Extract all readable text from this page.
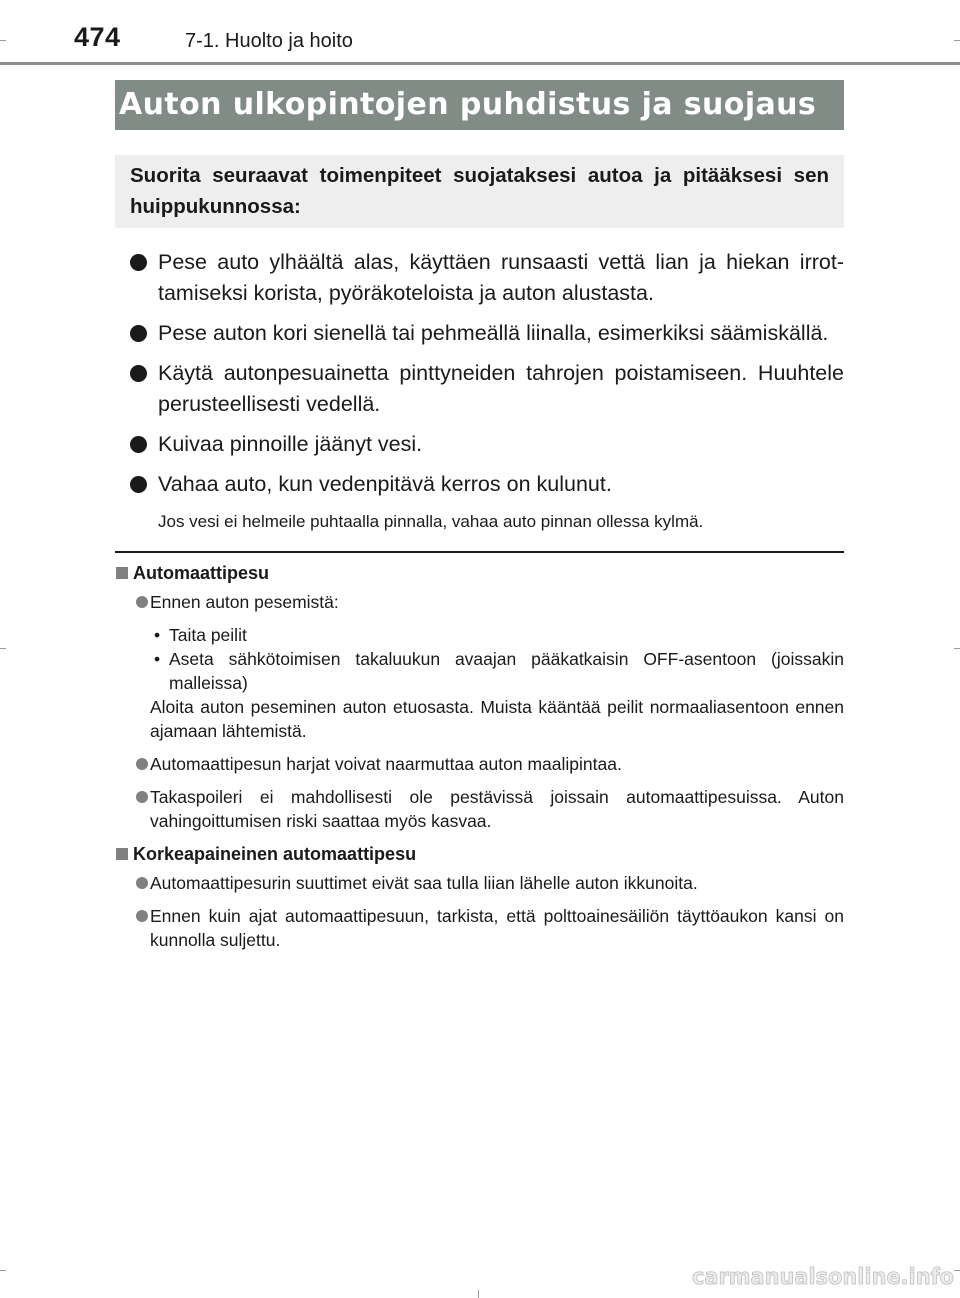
474	7-1. Huolto ja hoito
Auton ulkopintojen puhdistus ja suojaus
Suorita seuraavat toimenpiteet suojataksesi autoa ja pitääksesi sen huippukunnossa:
Pese auto ylhäältä alas, käyttäen runsaasti vettä lian ja hiekan irrottamiseksi korista, pyöräkoteloista ja auton alustasta.
Pese auton kori sienellä tai pehmeällä liinalla, esimerkiksi säämiskällä.
Käytä autonpesuainetta pinttyneiden tahrojen poistamiseen. Huuhtele perusteellisesti vedellä.
Kuivaa pinnoille jäänyt vesi.
Vahaa auto, kun vedenpitävä kerros on kulunut.
Jos vesi ei helmeile puhtaalla pinnalla, vahaa auto pinnan ollessa kylmä.
Automaattipesu
Ennen auton pesemistä:
• Taita peilit
• Aseta sähkötoimisen takaluukun avaajan pääkatkaisin OFF-asentoon (joissakin malleissa)
Aloita auton peseminen auton etuosasta. Muista kääntää peilit normaaliasentoon ennen ajamaan lähtemistä.
Automaattipesun harjat voivat naarmuttaa auton maalipintaa.
Takaspoileri ei mahdollisesti ole pestävissä joissain automaattipesuissa. Auton vahingoittumisen riski saattaa myös kasvaa.
Korkeapaineinen automaattipesu
Automaattipesurin suuttimet eivät saa tulla liian lähelle auton ikkunoita.
Ennen kuin ajat automaattipesuun, tarkista, että polttoainesäiliön täyttöaukon kansi on kunnolla suljettu.
carmanualsonline.info
